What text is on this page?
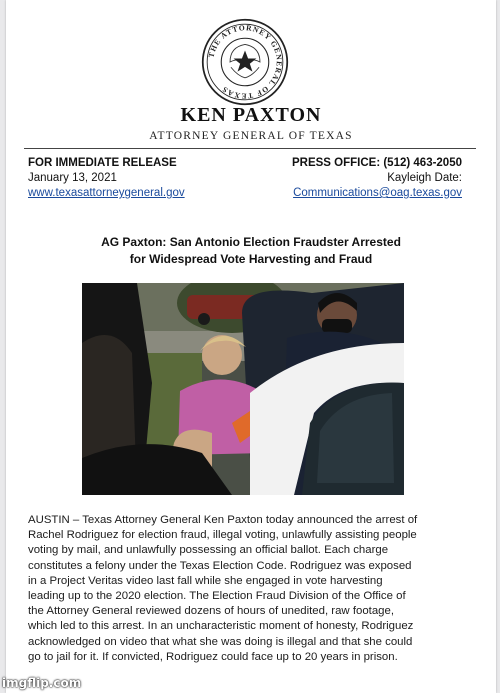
THE ATTORNEY GENERAL OF TEXAS
KEN PAXTON
ATTORNEY GENERAL OF TEXAS
FOR IMMEDIATE RELEASE
January 13, 2021
www.texasattorneygeneral.gov
PRESS OFFICE: (512) 463-2050
Kayleigh Date:
Communications@oag.texas.gov
AG Paxton: San Antonio Election Fraudster Arrested
for Widespread Vote Harvesting and Fraud
AUSTIN – Texas Attorney General Ken Paxton today announced the arrest of
Rachel Rodriguez for election fraud, illegal voting, unlawfully assisting people
voting by mail, and unlawfully possessing an official ballot. Each charge
constitutes a felony under the Texas Election Code. Rodriguez was exposed
in a Project Veritas video last fall while she engaged in vote harvesting
leading up to the 2020 election. The Election Fraud Division of the Office of
the Attorney General reviewed dozens of hours of unedited, raw footage,
which led to this arrest. In an uncharacteristic moment of honesty, Rodriguez
acknowledged on video that what she was doing is illegal and that she could
go to jail for it. If convicted, Rodriguez could face up to 20 years in prison.
imgflip.com
